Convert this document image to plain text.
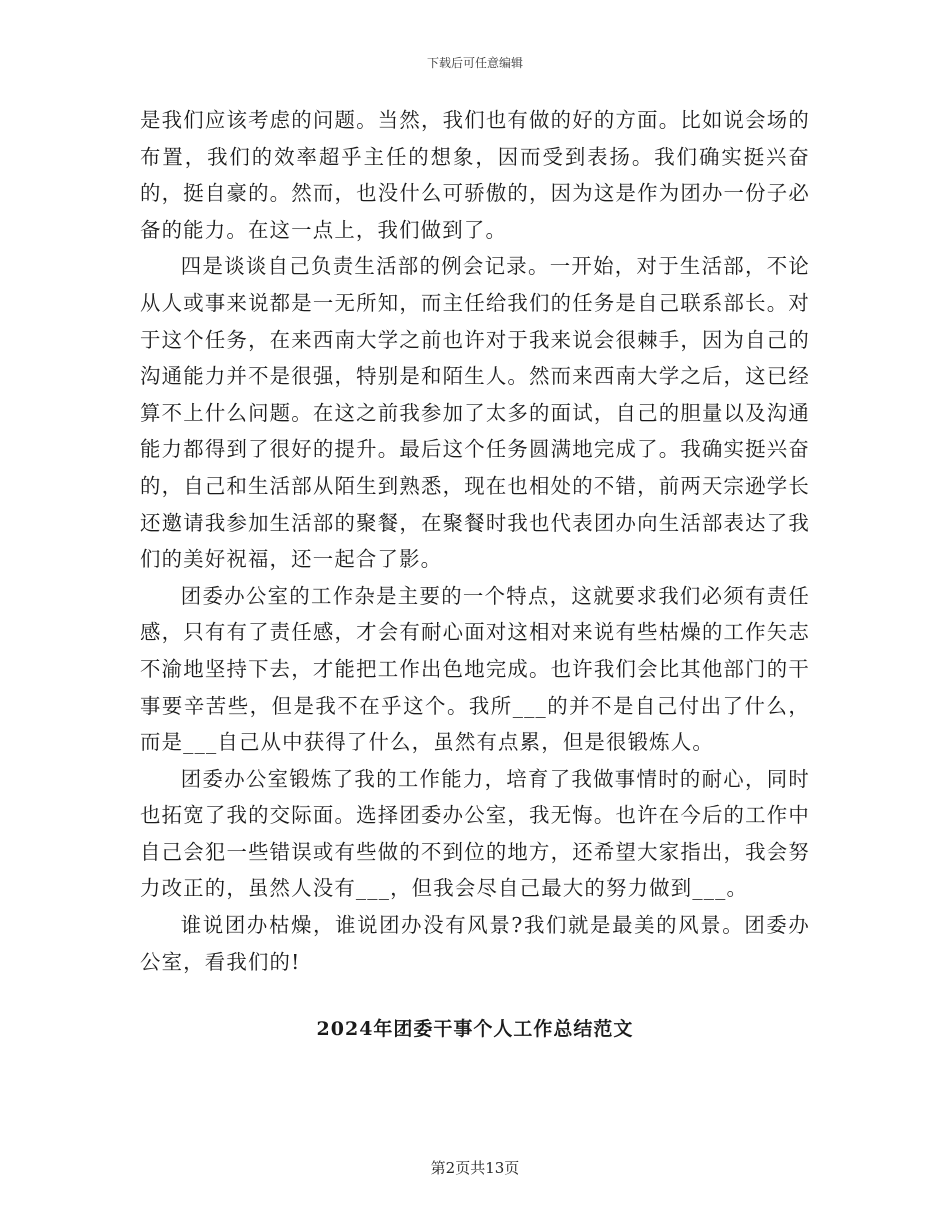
下载后可任意编辑

是我们应该考虑的问题。当然，我们也有做的好的方面。比如说会场的布置，我们的效率超乎主任的想象，因而受到表扬。我们确实挺兴奋的，挺自豪的。然而，也没什么可骄傲的，因为这是作为团办一份子必备的能力。在这一点上，我们做到了。

四是谈谈自己负责生活部的例会记录。一开始，对于生活部，不论从人或事来说都是一无所知，而主任给我们的任务是自己联系部长。对于这个任务，在来西南大学之前也许对于我来说会很棘手，因为自己的沟通能力并不是很强，特别是和陌生人。然而来西南大学之后，这已经算不上什么问题。在这之前我参加了太多的面试，自己的胆量以及沟通能力都得到了很好的提升。最后这个任务圆满地完成了。我确实挺兴奋的，自己和生活部从陌生到熟悉，现在也相处的不错，前两天宗逊学长还邀请我参加生活部的聚餐，在聚餐时我也代表团办向生活部表达了我们的美好祝福，还一起合了影。

团委办公室的工作杂是主要的一个特点，这就要求我们必须有责任感，只有有了责任感，才会有耐心面对这相对来说有些枯燥的工作矢志不渝地坚持下去，才能把工作出色地完成。也许我们会比其他部门的干事要辛苦些，但是我不在乎这个。我所___的并不是自己付出了什么，而是___自己从中获得了什么，虽然有点累，但是很锻炼人。

团委办公室锻炼了我的工作能力，培育了我做事情时的耐心，同时也拓宽了我的交际面。选择团委办公室，我无悔。也许在今后的工作中自己会犯一些错误或有些做的不到位的地方，还希望大家指出，我会努力改正的，虽然人没有___，但我会尽自己最大的努力做到___。

谁说团办枯燥，谁说团办没有风景?我们就是最美的风景。团委办公室，看我们的!

2024年团委干事个人工作总结范文
第2页共13页
